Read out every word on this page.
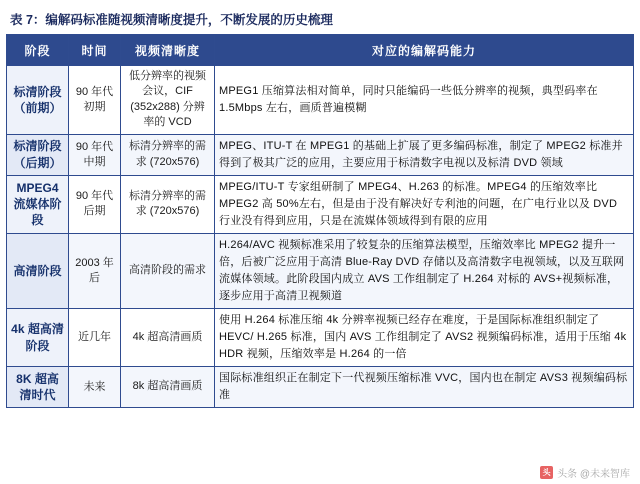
表 7：编解码标准随视频清晰度提升，不断发展的历史梳理
阶段	时间	视频清晰度	对应的编解码能力
标清阶段（前期）	90 年代初期	低分辨率的视频会议，CIF (352x288) 分辨率的 VCD	MPEG1 压缩算法相对简单，同时只能编码一些低分辨率的视频，典型码率在 1.5Mbps 左右，画质普遍模糊
标清阶段（后期）	90 年代中期	标清分辨率的需求 (720x576)	MPEG、ITU-T 在 MPEG1 的基础上扩展了更多编码标准，制定了 MPEG2 标准并得到了极其广泛的应用，主要应用于标清数字电视以及标清 DVD 领域
MPEG4 流媒体阶段	90 年代后期	标清分辨率的需求 (720x576)	MPEG/ITU-T 专家组研制了 MPEG4、H.263 的标准。MPEG4 的压缩效率比 MPEG2 高 50%左右，但是由于没有解决好专利池的问题，在广电行业以及 DVD 行业没有得到应用，只是在流媒体领域得到有限的应用
高清阶段	2003 年后	高清阶段的需求	H.264/AVC 视频标准采用了较复杂的压缩算法模型，压缩效率比 MPEG2 提升一倍，后被广泛应用于高清 Blue-Ray DVD 存储以及高清数字电视领域，以及互联网流媒体领域。此阶段国内成立 AVS 工作组制定了 H.264 对标的 AVS+视频标准，逐步应用于高清卫视频道
4k 超高清阶段	近几年	4k 超高清画质	使用 H.264 标准压缩 4k 分辨率视频已经存在难度，于是国际标准组织制定了 HEVC/ H.265 标准，国内 AVS 工作组制定了 AVS2 视频编码标准，适用于压缩 4k HDR 视频，压缩效率是 H.264 的一倍
8K 超高清时代	未来	8k 超高清画质	国际标准组织正在制定下一代视频压缩标准 VVC，国内也在制定 AVS3 视频编码标准
头 头条 @未来智库
